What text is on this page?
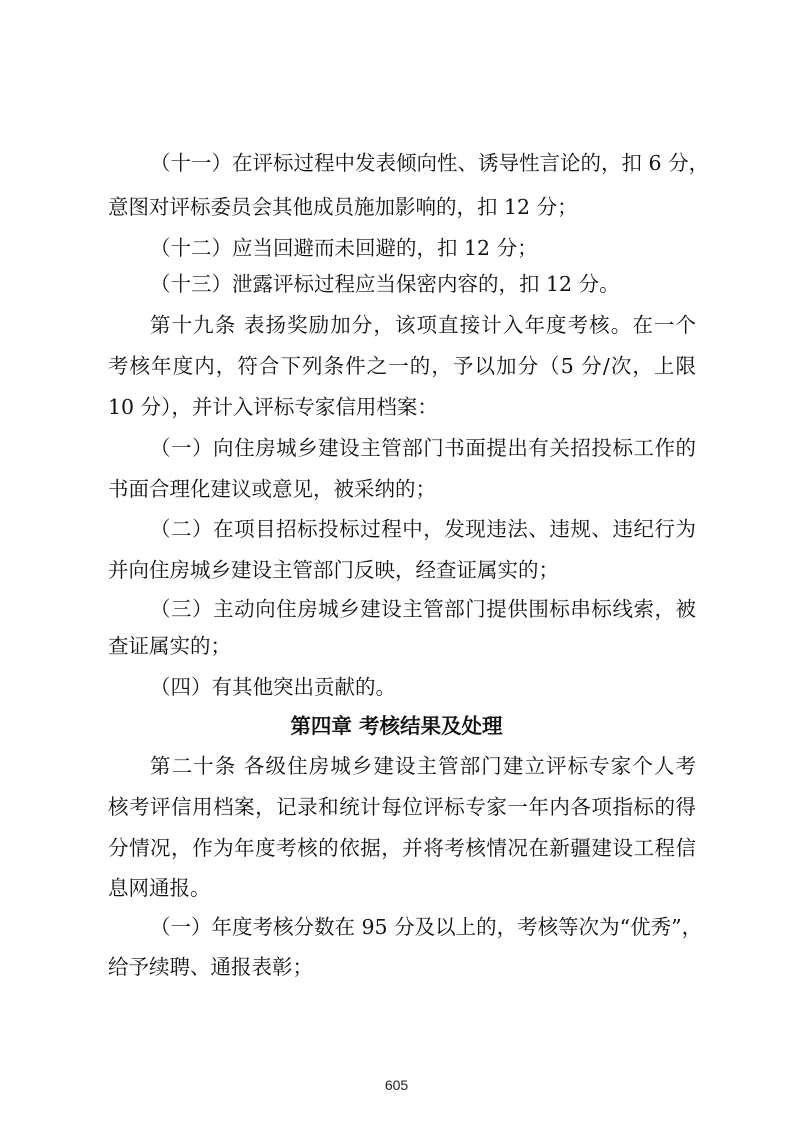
（十一）在评标过程中发表倾向性、诱导性言论的，扣 6 分，
意图对评标委员会其他成员施加影响的，扣 12 分；
（十二）应当回避而未回避的，扣 12 分；
（十三）泄露评标过程应当保密内容的，扣 12 分。
第十九条 表扬奖励加分，该项直接计入年度考核。在一个
考核年度内，符合下列条件之一的，予以加分（5 分/次，上限
10 分），并计入评标专家信用档案：
（一）向住房城乡建设主管部门书面提出有关招投标工作的
书面合理化建议或意见，被采纳的；
（二）在项目招标投标过程中，发现违法、违规、违纪行为
并向住房城乡建设主管部门反映，经查证属实的；
（三）主动向住房城乡建设主管部门提供围标串标线索，被
查证属实的；
（四）有其他突出贡献的。
第四章 考核结果及处理
第二十条 各级住房城乡建设主管部门建立评标专家个人考
核考评信用档案，记录和统计每位评标专家一年内各项指标的得
分情况，作为年度考核的依据，并将考核情况在新疆建设工程信
息网通报。
（一）年度考核分数在 95 分及以上的，考核等次为“优秀”，
给予续聘、通报表彰；
605
